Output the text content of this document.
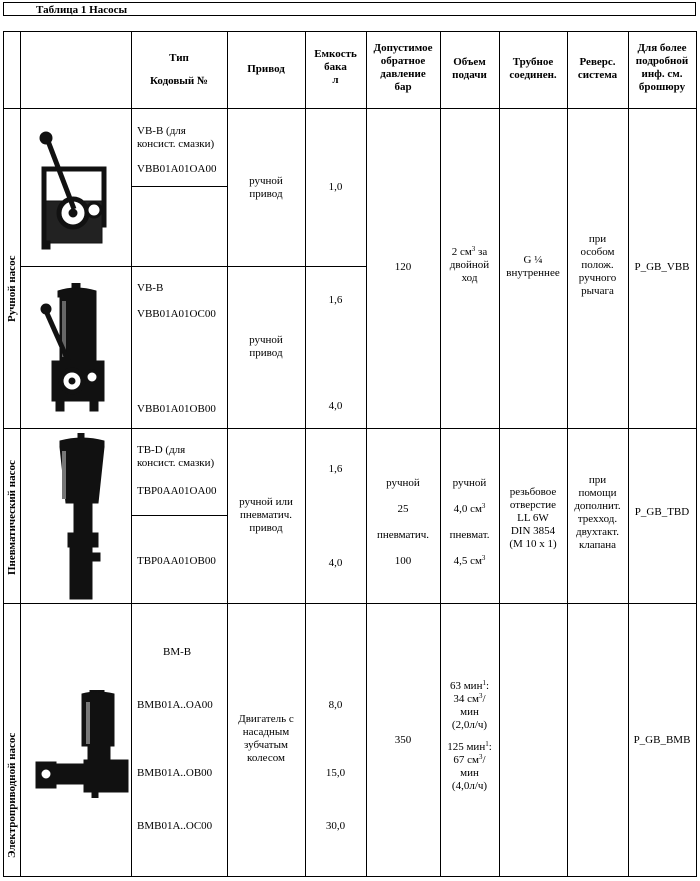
Таблица 1 Насосы
Тип
Кодовый №
Привод
Емкость
бака
л
Допустимое
обратное
давление
бар
Объем
подачи
Трубное
соединен.
Реверс.
система
Для более
подробной
инф. см.
брошюру
Ручной насос
Пневматический насос
Электроприводной насос
VB-B (для
консист. смазки)
VBB01A01OA00
ручной
привод
1,0
VB-B
VBB01A01OC00
VBB01A01OB00
ручной
привод
1,6
4,0
120
2 $см^3$ за
двойной
ход
G ¼
внутреннее
при
особом
полож.
ручного
рычага
P_GB_VBB
TB-D (для
консист. смазки)
TBP0AA01OA00
TBP0AA01OB00
ручной или
пневматич.
привод
1,6
4,0
ручной
25
пневматич.
100
ручной
4,0 $см^3$
пневмат.
4,5 $см^3$
резьбовое
отверстие
LL 6W
DIN 3854
(M 10 x 1)
при
помощи
дополнит.
трехход.
двухтакт.
клапана
P_GB_TBD
BM-B
BMB01A..OA00
BMB01A..OB00
BMB01A..OC00
Двигатель с
насадным
зубчатым
колесом
8,0
15,0
30,0
350
63 мин$^1$:
34 $см^3/$
мин
(2,0л/ч)
125 мин$^1$:
67 $см^3/$
мин
(4,0л/ч)
P_GB_BMB
